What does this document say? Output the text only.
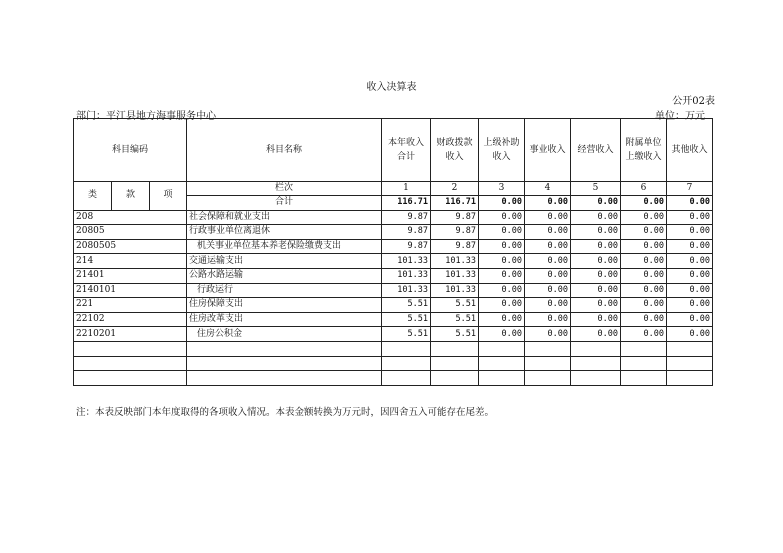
收入决算表
公开02表
部门：平江县地方海事服务中心	单位：万元
科目编码			科目名称	本年收入合计	财政拨款收入	上级补助收入	事业收入	经营收入	附属单位上缴收入	其他收入
类	款	项	栏次	1	2	3	4	5	6	7
			合计	116.71	116.71	0.00	0.00	0.00	0.00	0.00
208			社会保障和就业支出	9.87	9.87	0.00	0.00	0.00	0.00	0.00
20805			行政事业单位离退休	9.87	9.87	0.00	0.00	0.00	0.00	0.00
2080505			机关事业单位基本养老保险缴费支出	9.87	9.87	0.00	0.00	0.00	0.00	0.00
214			交通运输支出	101.33	101.33	0.00	0.00	0.00	0.00	0.00
21401			公路水路运输	101.33	101.33	0.00	0.00	0.00	0.00	0.00
2140101			行政运行	101.33	101.33	0.00	0.00	0.00	0.00	0.00
221			住房保障支出	5.51	5.51	0.00	0.00	0.00	0.00	0.00
22102			住房改革支出	5.51	5.51	0.00	0.00	0.00	0.00	0.00
2210201			住房公积金	5.51	5.51	0.00	0.00	0.00	0.00	0.00

注：本表反映部门本年度取得的各项收入情况。本表金额转换为万元时，因四舍五入可能存在尾差。
